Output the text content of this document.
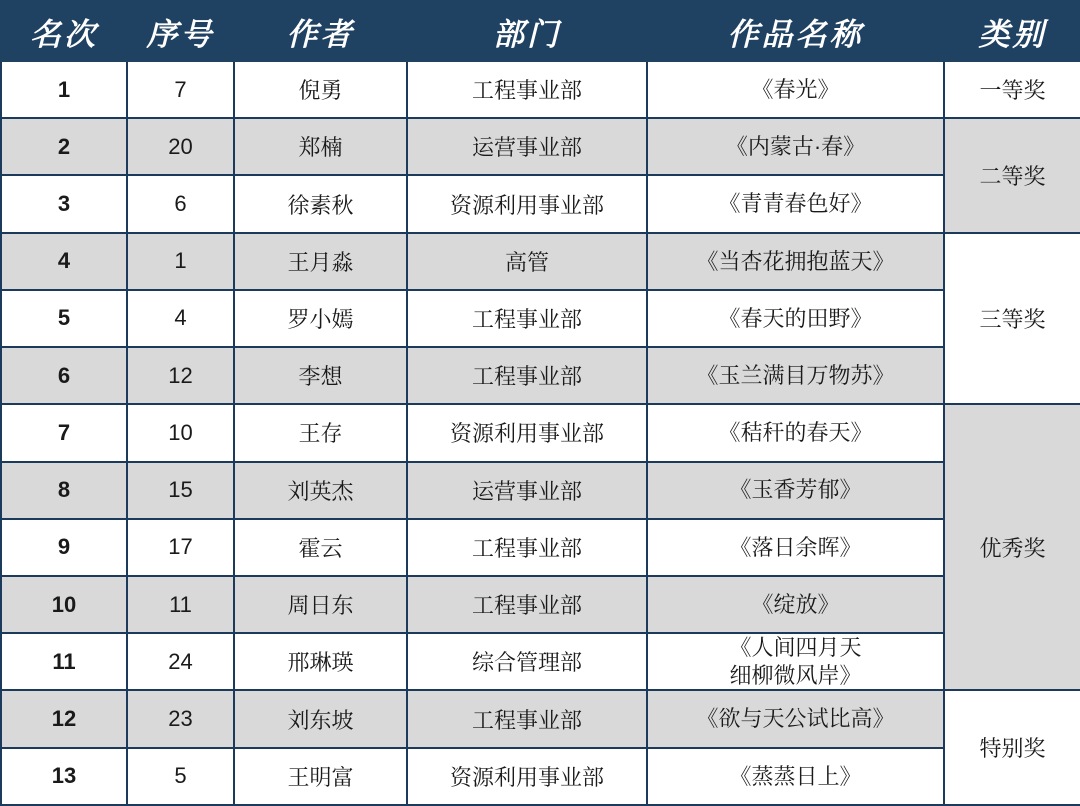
名次	序号	作者	部门	作品名称	类别
1	7	倪勇	工程事业部	《春光》	一等奖
2	20	郑楠	运营事业部	《内蒙古·春》	二等奖
3	6	徐素秋	资源利用事业部	《青青春色好》	

4	1	王月淼	高管	《当杏花拥抱蓝天》	三等奖
5	4	罗小嫣	工程事业部	《春天的田野》	

6	12	李想	工程事业部	《玉兰满目万物苏》	

7	10	王存	资源利用事业部	《秸秆的春天》	优秀奖
8	15	刘英杰	运营事业部	《玉香芳郁》	

9	17	霍云	工程事业部	《落日余晖》	

10	11	周日东	工程事业部	《绽放》	

11	24	邢琳瑛	综合管理部	《人间四月天
细柳微风岸》	

12	23	刘东坡	工程事业部	《欲与天公试比高》	特别奖
13	5	王明富	资源利用事业部	《蒸蒸日上》	
